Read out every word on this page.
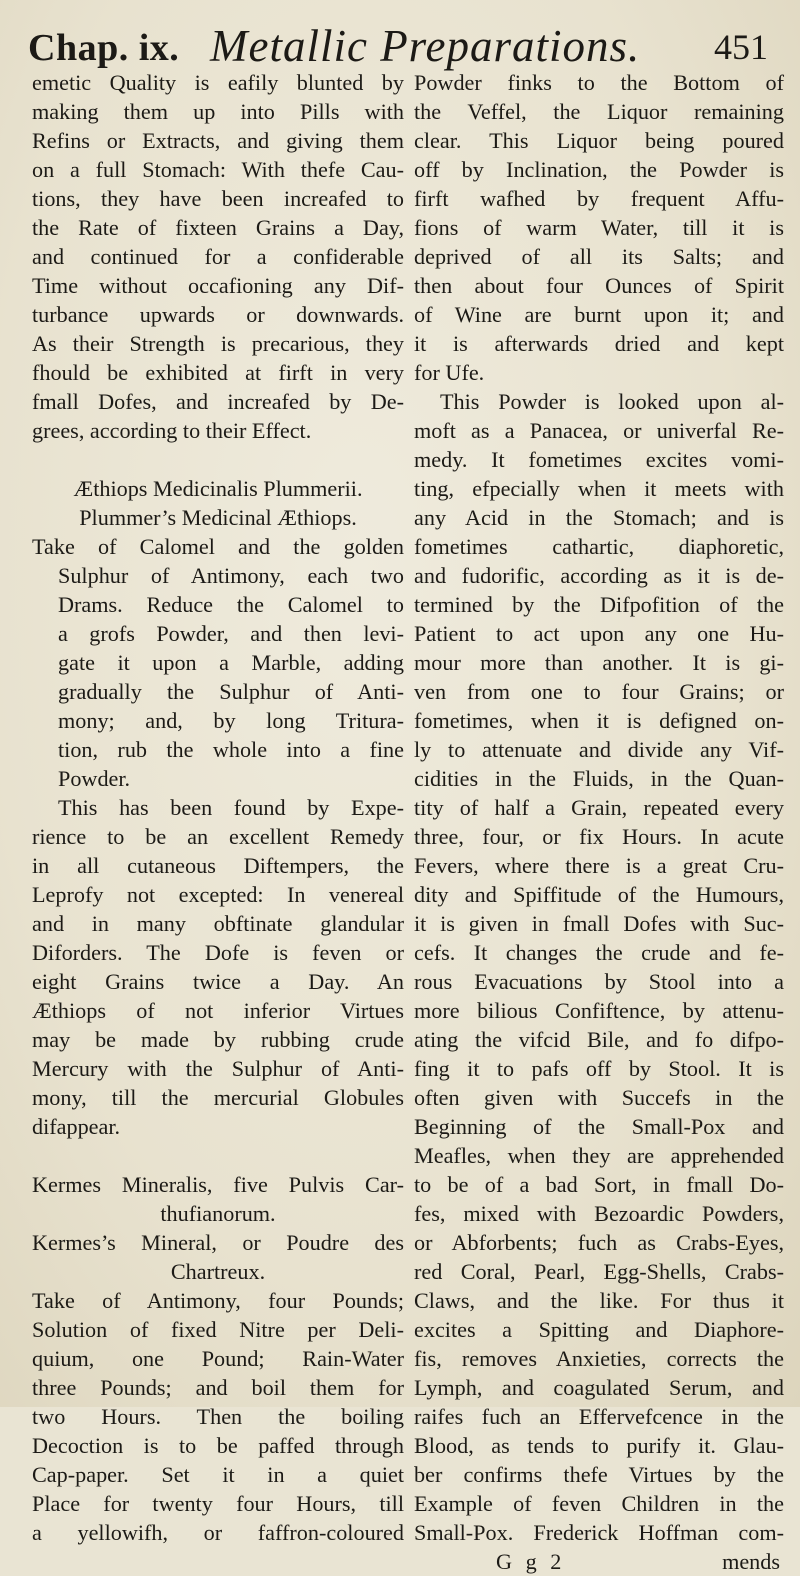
Chap. ix. Metallic Preparations. 451
emetic Quality is eafily blunted by
making them up into Pills with
Refins or Extracts, and giving them
on a full Stomach: With thefe Cau-
tions, they have been increafed to
the Rate of fixteen Grains a Day,
and continued for a confiderable
Time without occafioning any Dif-
turbance upwards or downwards.
As their Strength is precarious, they
fhould be exhibited at firft in very
fmall Dofes, and increafed by De-
grees, according to their Effect.
Æthiops Medicinalis Plummerii.
Plummer’s Medicinal Æthiops.
Take of Calomel and the golden
Sulphur of Antimony, each two
Drams. Reduce the Calomel to
a grofs Powder, and then levi-
gate it upon a Marble, adding
gradually the Sulphur of Anti-
mony; and, by long Tritura-
tion, rub the whole into a fine
Powder.
This has been found by Expe-
rience to be an excellent Remedy
in all cutaneous Diftempers, the
Leprofy not excepted: In venereal
and in many obftinate glandular
Diforders. The Dofe is feven or
eight Grains twice a Day. An
Æthiops of not inferior Virtues
may be made by rubbing crude
Mercury with the Sulphur of Anti-
mony, till the mercurial Globules
difappear.
Kermes Mineralis, five Pulvis Car-
thufianorum.
Kermes’s Mineral, or Poudre des
Chartreux.
Take of Antimony, four Pounds;
Solution of fixed Nitre per Deli-
quium, one Pound; Rain-Water
three Pounds; and boil them for
two Hours. Then the boiling
Decoction is to be paffed through
Cap-paper. Set it in a quiet
Place for twenty four Hours, till
a yellowifh, or faffron-coloured
Powder finks to the Bottom of
the Veffel, the Liquor remaining
clear. This Liquor being poured
off by Inclination, the Powder is
firft wafhed by frequent Affu-
fions of warm Water, till it is
deprived of all its Salts; and
then about four Ounces of Spirit
of Wine are burnt upon it; and
it is afterwards dried and kept
for Ufe.
This Powder is looked upon al-
moft as a Panacea, or univerfal Re-
medy. It fometimes excites vomi-
ting, efpecially when it meets with
any Acid in the Stomach; and is
fometimes cathartic, diaphoretic,
and fudorific, according as it is de-
termined by the Difpofition of the
Patient to act upon any one Hu-
mour more than another. It is gi-
ven from one to four Grains; or
fometimes, when it is defigned on-
ly to attenuate and divide any Vif-
cidities in the Fluids, in the Quan-
tity of half a Grain, repeated every
three, four, or fix Hours. In acute
Fevers, where there is a great Cru-
dity and Spiffitude of the Humours,
it is given in fmall Dofes with Suc-
cefs. It changes the crude and fe-
rous Evacuations by Stool into a
more bilious Confiftence, by attenu-
ating the vifcid Bile, and fo difpo-
fing it to pafs off by Stool. It is
often given with Succefs in the
Beginning of the Small-Pox and
Meafles, when they are apprehended
to be of a bad Sort, in fmall Do-
fes, mixed with Bezoardic Powders,
or Abforbents; fuch as Crabs-Eyes,
red Coral, Pearl, Egg-Shells, Crabs-
Claws, and the like. For thus it
excites a Spitting and Diaphore-
fis, removes Anxieties, corrects the
Lymph, and coagulated Serum, and
raifes fuch an Effervefcence in the
Blood, as tends to purify it. Glau-
ber confirms thefe Virtues by the
Example of feven Children in the
Small-Pox. Frederick Hoffman com-
G g 2	mends
